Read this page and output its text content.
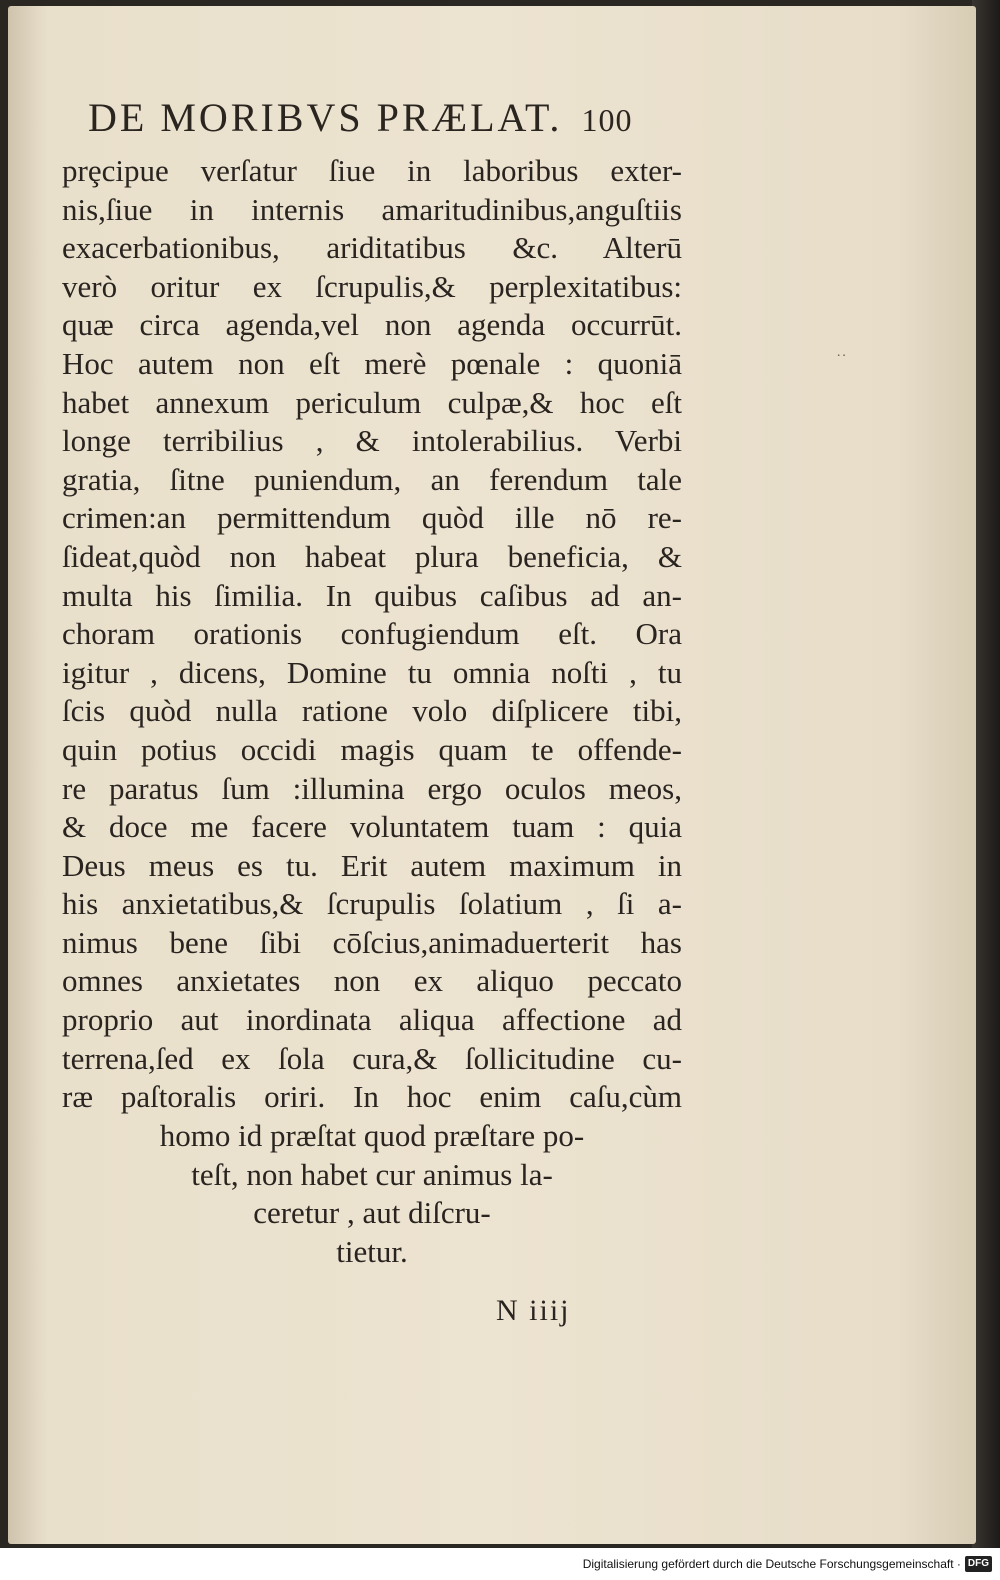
DE MORIBVS PRÆLAT. 100
˙˙
prȩcipue verſatur ſiue in laboribus exter-
nis,ſiue in internis amaritudinibus,anguſtiis
exacerbationibus, ariditatibus &c. Alterū
verò oritur ex ſcrupulis,& perplexitatibus:
quæ circa agenda,vel non agenda occurrūt.
Hoc autem non eſt merè pœnale : quoniā
habet annexum periculum culpæ,& hoc eſt
longe terribilius , & intolerabilius. Verbi
gratia, ſitne puniendum, an ferendum tale
crimen:an permittendum quòd ille nō re-
ſideat,quòd non habeat plura beneficia, &
multa his ſimilia. In quibus caſibus ad an-
choram orationis confugiendum eſt. Ora
igitur , dicens, Domine tu omnia noſti , tu
ſcis quòd nulla ratione volo diſplicere tibi,
quin potius occidi magis quam te offende-
re paratus ſum :illumina ergo oculos meos,
& doce me facere voluntatem tuam : quia
Deus meus es tu. Erit autem maximum in
his anxietatibus,& ſcrupulis ſolatium , ſi a-
nimus bene ſibi cōſcius,animaduerterit has
omnes anxietates non ex aliquo peccato
proprio aut inordinata aliqua affectione ad
terrena,ſed ex ſola cura,& ſollicitudine cu-
ræ paſtoralis oriri. In hoc enim caſu,cùm
homo id præſtat quod præſtare po-
teſt, non habet cur animus la-
ceretur , aut diſcru-
tietur.
N iiij
Digitalisierung gefördert durch die Deutsche Forschungsgemeinschaft · DFG
